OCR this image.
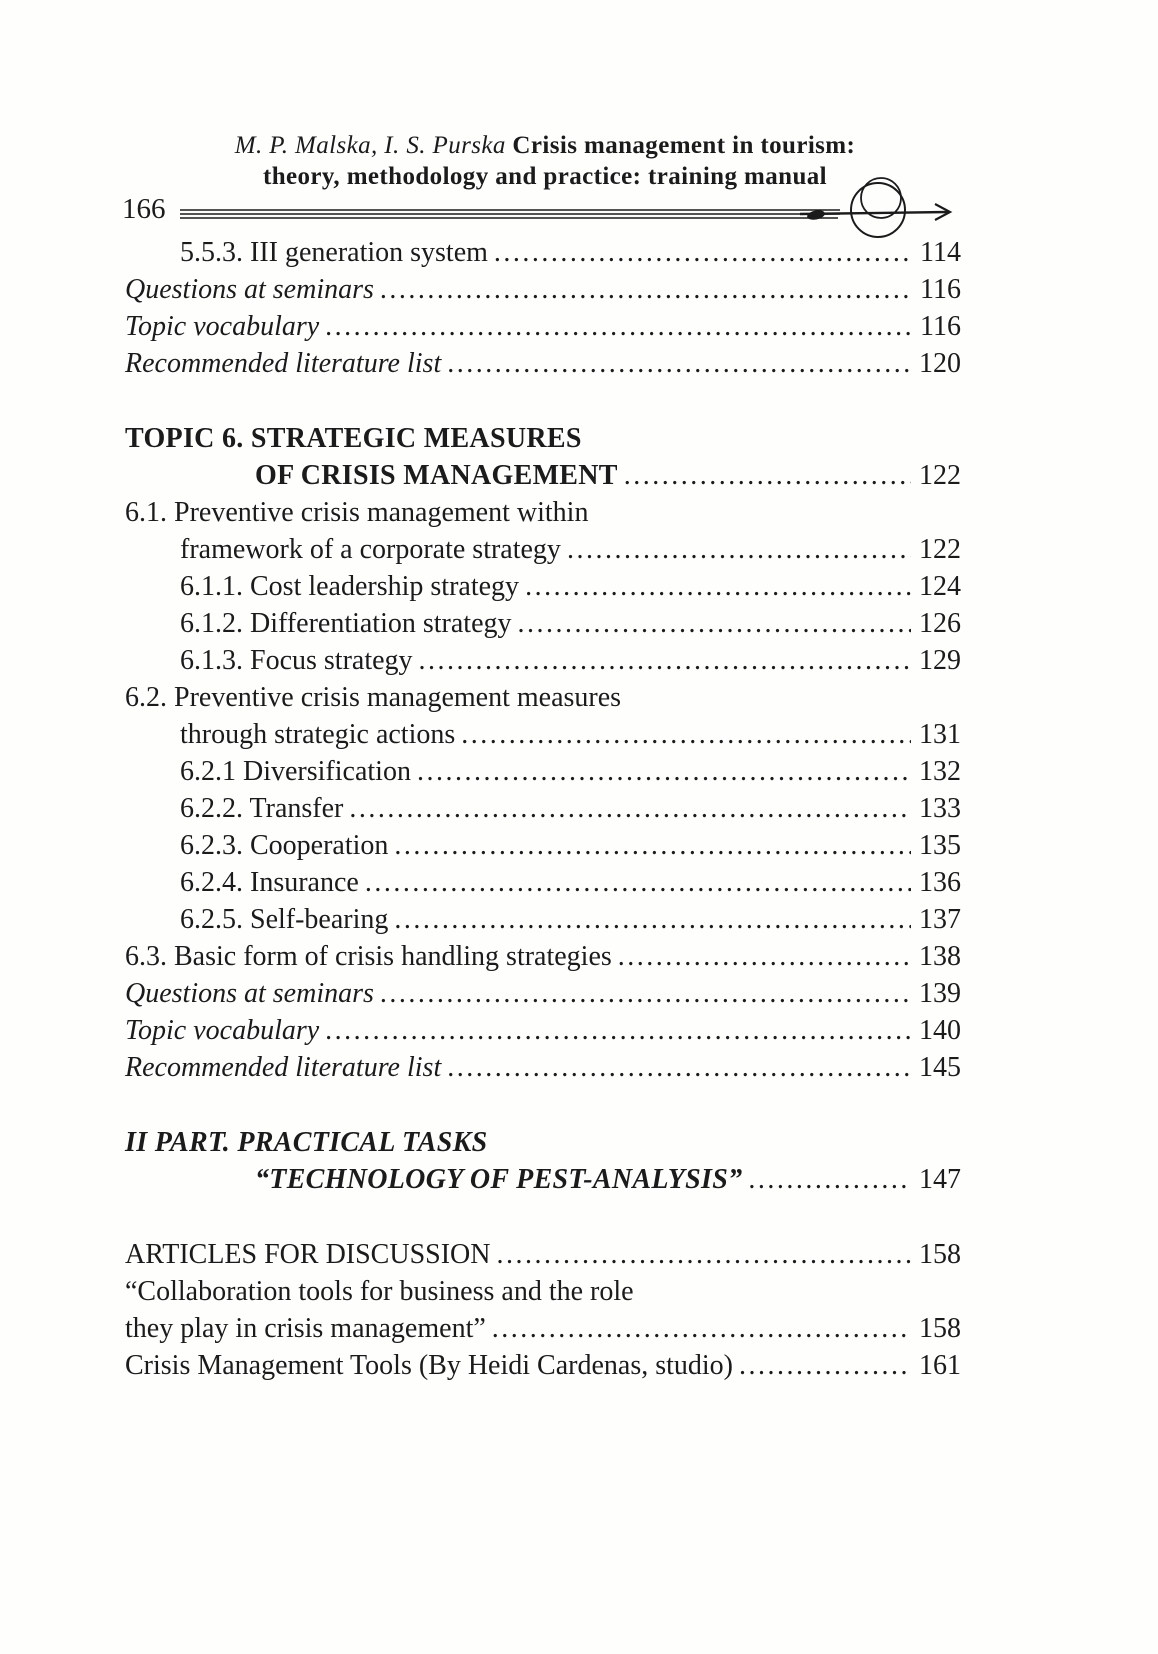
M. P. Malska, I. S. Purska Crisis management in tourism:
theory, methodology and practice: training manual
166
5.5.3. III generation system .....	114
Questions at seminars .....	116
Topic vocabulary .....	116
Recommended literature list .....	120
TOPIC 6. STRATEGIC MEASURES
OF CRISIS MANAGEMENT .....	122
6.1. Preventive crisis management within
framework of a corporate strategy .....	122
6.1.1. Cost leadership strategy .....	124
6.1.2. Differentiation strategy .....	126
6.1.3. Focus strategy .....	129
6.2. Preventive crisis management measures
through strategic actions .....	131
6.2.1 Diversification .....	132
6.2.2. Transfer .....	133
6.2.3. Cooperation .....	135
6.2.4. Insurance .....	136
6.2.5. Self-bearing .....	137
6.3. Basic form of crisis handling strategies .....	138
Questions at seminars .....	139
Topic vocabulary .....	140
Recommended literature list .....	145
II PART. PRACTICAL TASKS
“TECHNOLOGY OF PEST-ANALYSIS” .....	147
ARTICLES FOR DISCUSSION .....	158
“Collaboration tools for business and the role
they play in crisis management” .....	158
Crisis Management Tools (By Heidi Cardenas, studio) .....	161
